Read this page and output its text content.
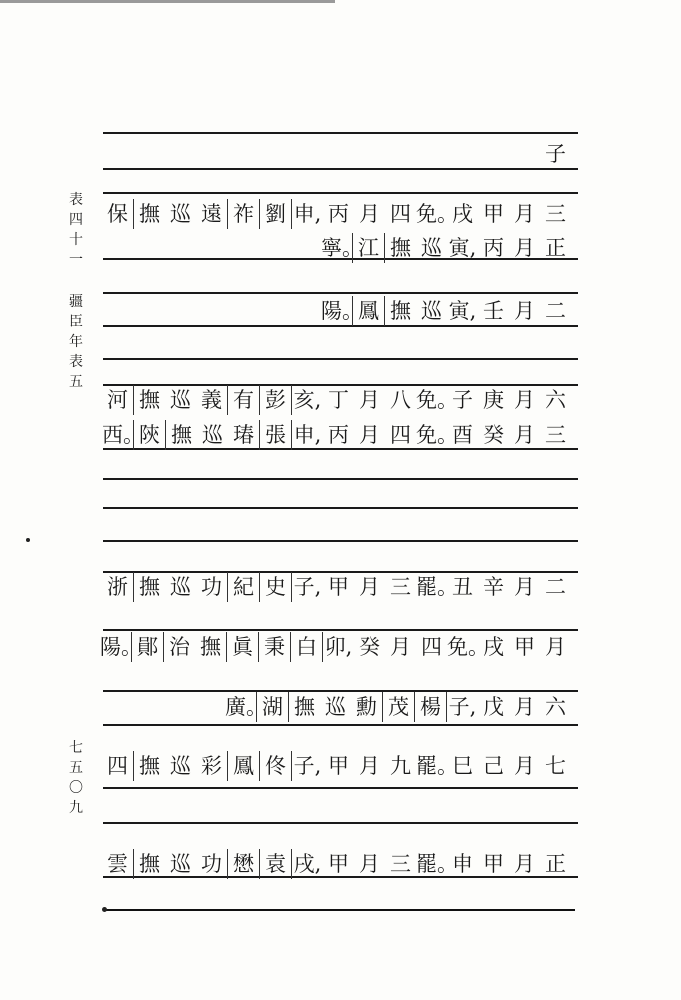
表
四
十
一
疆
臣
年
表
五
七
五
〇
九
子
三
月
甲
戌
免。
四
月
丙
申,
劉
祚
遠
巡
撫
保
正
月
丙
寅,
巡
撫
江
寧。
二
月
壬
寅,
巡
撫
鳳
陽。
六
月
庚
子
免。
八
月
丁
亥,
彭
有
義
巡
撫
河
三
月
癸
酉
免。
四
月
丙
申,
張
瑃
巡
撫
陝
西。
二
月
辛
丑
罷。
三
月
甲
子,
史
紀
功
巡
撫
浙
月
甲
戌
免。
四
月
癸
卯,
白
秉
眞
撫
治
鄖
陽。
六
月
戊
子,
楊
茂
勳
巡
撫
湖
廣。
七
月
己
巳
罷。
九
月
甲
子,
佟
鳳
彩
巡
撫
四
正
月
甲
申
罷。
三
月
甲
戌,
袁
懋
功
巡
撫
雲
